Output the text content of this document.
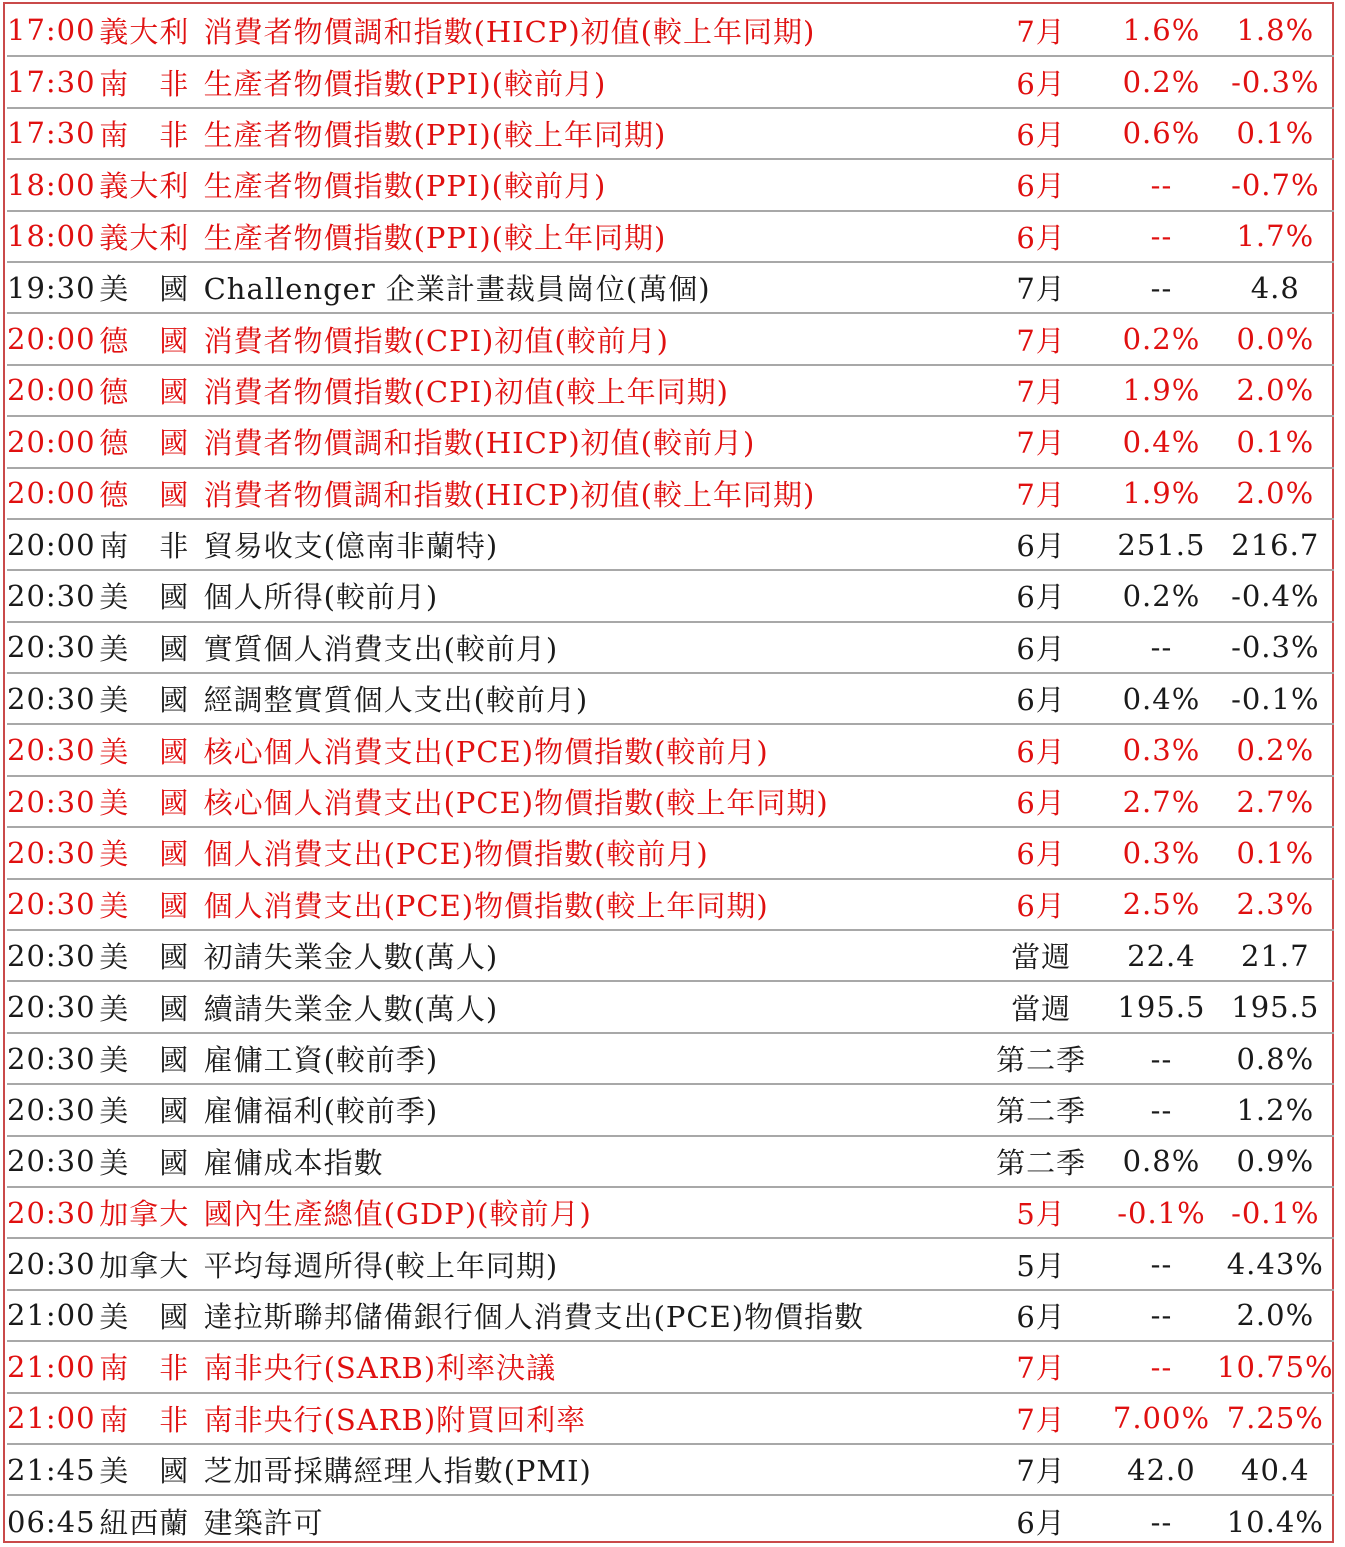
17:00	義大利	消費者物價調和指數(HICP)初值(較上年同期)	7月	1.6%	1.8%
17:30	南　非	生產者物價指數(PPI)(較前月)	6月	0.2%	-0.3%
17:30	南　非	生產者物價指數(PPI)(較上年同期)	6月	0.6%	0.1%
18:00	義大利	生產者物價指數(PPI)(較前月)	6月	--	-0.7%
18:00	義大利	生產者物價指數(PPI)(較上年同期)	6月	--	1.7%
19:30	美　國	Challenger 企業計畫裁員崗位(萬個)	7月	--	4.8
20:00	德　國	消費者物價指數(CPI)初值(較前月)	7月	0.2%	0.0%
20:00	德　國	消費者物價指數(CPI)初值(較上年同期)	7月	1.9%	2.0%
20:00	德　國	消費者物價調和指數(HICP)初值(較前月)	7月	0.4%	0.1%
20:00	德　國	消費者物價調和指數(HICP)初值(較上年同期)	7月	1.9%	2.0%
20:00	南　非	貿易收支(億南非蘭特)	6月	251.5	216.7
20:30	美　國	個人所得(較前月)	6月	0.2%	-0.4%
20:30	美　國	實質個人消費支出(較前月)	6月	--	-0.3%
20:30	美　國	經調整實質個人支出(較前月)	6月	0.4%	-0.1%
20:30	美　國	核心個人消費支出(PCE)物價指數(較前月)	6月	0.3%	0.2%
20:30	美　國	核心個人消費支出(PCE)物價指數(較上年同期)	6月	2.7%	2.7%
20:30	美　國	個人消費支出(PCE)物價指數(較前月)	6月	0.3%	0.1%
20:30	美　國	個人消費支出(PCE)物價指數(較上年同期)	6月	2.5%	2.3%
20:30	美　國	初請失業金人數(萬人)	當週	22.4	21.7
20:30	美　國	續請失業金人數(萬人)	當週	195.5	195.5
20:30	美　國	雇傭工資(較前季)	第二季	--	0.8%
20:30	美　國	雇傭福利(較前季)	第二季	--	1.2%
20:30	美　國	雇傭成本指數	第二季	0.8%	0.9%
20:30	加拿大	國內生產總值(GDP)(較前月)	5月	-0.1%	-0.1%
20:30	加拿大	平均每週所得(較上年同期)	5月	--	4.43%
21:00	美　國	達拉斯聯邦儲備銀行個人消費支出(PCE)物價指數	6月	--	2.0%
21:00	南　非	南非央行(SARB)利率決議	7月	--	10.75%
21:00	南　非	南非央行(SARB)附買回利率	7月	7.00%	7.25%
21:45	美　國	芝加哥採購經理人指數(PMI)	7月	42.0	40.4
06:45	紐西蘭	建築許可	6月	--	10.4%
